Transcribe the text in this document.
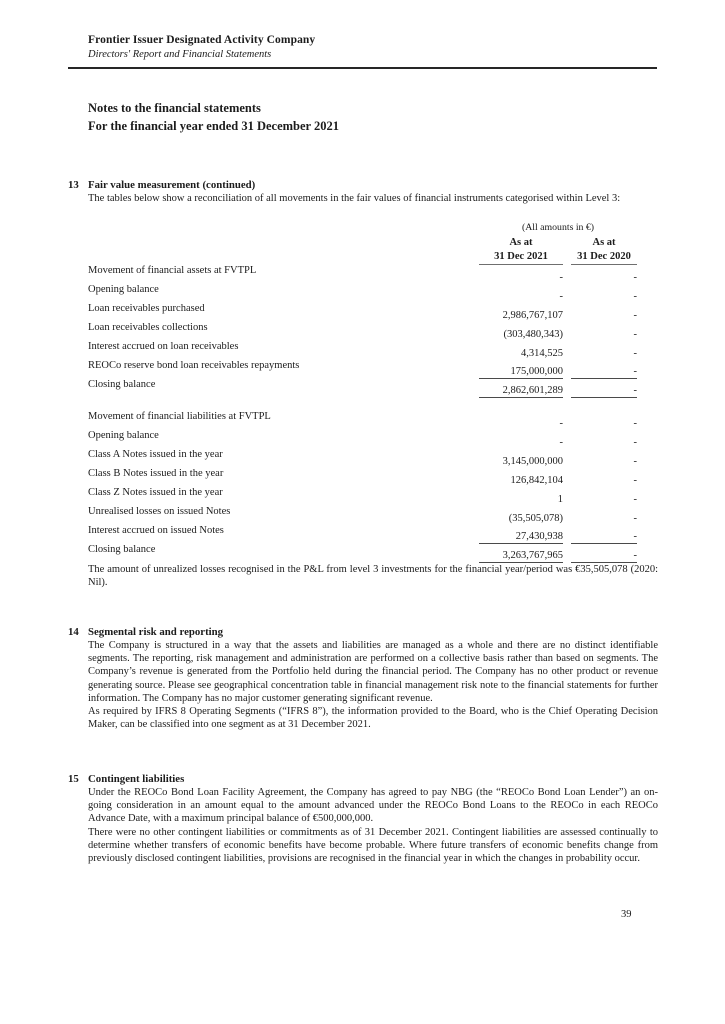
Frontier Issuer Designated Activity Company
Directors' Report and Financial Statements
Notes to the financial statements
For the financial year ended 31 December 2021
13 Fair value measurement (continued)

The tables below show a reconciliation of all movements in the fair values of financial instruments categorised within Level 3:

	(All amounts in €)		
	As at		As at
	31 Dec 2021		31 Dec 2020
Movement of financial assets at FVTPL	-		-
Opening balance	-		-
Loan receivables purchased	2,986,767,107		-
Loan receivables collections	(303,480,343)		-
Interest accrued on loan receivables	4,314,525		-
REOCo reserve bond loan receivables repayments	175,000,000		-
Closing balance	2,862,601,289		-

Movement of financial liabilities at FVTPL	-		-
Opening balance	-		-
Class A Notes issued in the year	3,145,000,000		-
Class B Notes issued in the year	126,842,104		-
Class Z Notes issued in the year	1		-
Unrealised losses on issued Notes	(35,505,078)		-
Interest accrued on issued Notes	27,430,938		-
Closing balance	3,263,767,965		-

The amount of unrealized losses recognised in the P&L from level 3 investments for the financial year/period was €35,505,078 (2020: Nil).

14 Segmental risk and reporting

The Company is structured in a way that the assets and liabilities are managed as a whole and there are no distinct identifiable segments. The reporting, risk management and administration are performed on a collective basis rather than based on segments. The Company’s revenue is generated from the Portfolio held during the financial period. The Company has no other product or revenue generating source. Please see geographical concentration table in financial management risk note to the financial statements for further information. The Company has no major customer generating significant revenue.

As required by IFRS 8 Operating Segments (“IFRS 8”), the information provided to the Board, who is the Chief Operating Decision Maker, can be classified into one segment as at 31 December 2021.

15 Contingent liabilities

Under the REOCo Bond Loan Facility Agreement, the Company has agreed to pay NBG (the “REOCo Bond Loan Lender”) an on-going consideration in an amount equal to the amount advanced under the REOCo Bond Loans to the REOCo in each REOCo Advance Date, with a maximum principal balance of €500,000,000.

There were no other contingent liabilities or commitments as of 31 December 2021. Contingent liabilities are assessed continually to determine whether transfers of economic benefits have become probable. Where future transfers of economic benefits change from previously disclosed contingent liabilities, provisions are recognised in the financial year in which the changes in probability occur.

39
